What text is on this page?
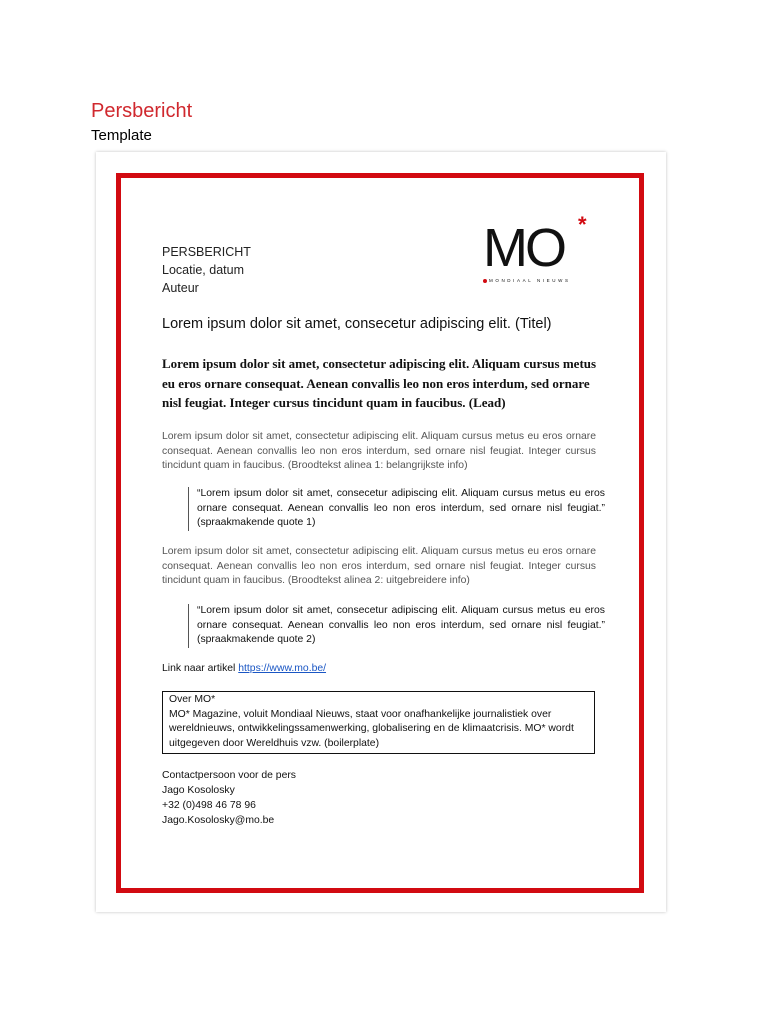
Persbericht
Template
PERSBERICHT
Locatie, datum
Auteur
MO *
MONDIAAL NIEUWS
Lorem ipsum dolor sit amet, consecetur adipiscing elit. (Titel)
Lorem ipsum dolor sit amet, consectetur adipiscing elit. Aliquam cursus metus eu eros ornare consequat. Aenean convallis leo non eros interdum, sed ornare nisl feugiat. Integer cursus tincidunt quam in faucibus. (Lead)
Lorem ipsum dolor sit amet, consectetur adipiscing elit. Aliquam cursus metus eu eros ornare consequat. Aenean convallis leo non eros interdum, sed ornare nisl feugiat. Integer cursus tincidunt quam in faucibus. (Broodtekst alinea 1: belangrijkste info)
“Lorem ipsum dolor sit amet, consecetur adipiscing elit. Aliquam cursus metus eu eros ornare consequat. Aenean convallis leo non eros interdum, sed ornare nisl feugiat.” (spraakmakende quote 1)
Lorem ipsum dolor sit amet, consectetur adipiscing elit. Aliquam cursus metus eu eros ornare consequat. Aenean convallis leo non eros interdum, sed ornare nisl feugiat. Integer cursus tincidunt quam in faucibus. (Broodtekst alinea 2: uitgebreidere info)
“Lorem ipsum dolor sit amet, consecetur adipiscing elit. Aliquam cursus metus eu eros ornare consequat. Aenean convallis leo non eros interdum, sed ornare nisl feugiat.” (spraakmakende quote 2)
Link naar artikel https://www.mo.be/
Over MO*
MO* Magazine, voluit Mondiaal Nieuws, staat voor onafhankelijke journalistiek over wereldnieuws, ontwikkelingssamenwerking, globalisering en de klimaatcrisis. MO* wordt uitgegeven door Wereldhuis vzw. (boilerplate)
Contactpersoon voor de pers
Jago Kosolosky
+32 (0)498 46 78 96
Jago.Kosolosky@mo.be
